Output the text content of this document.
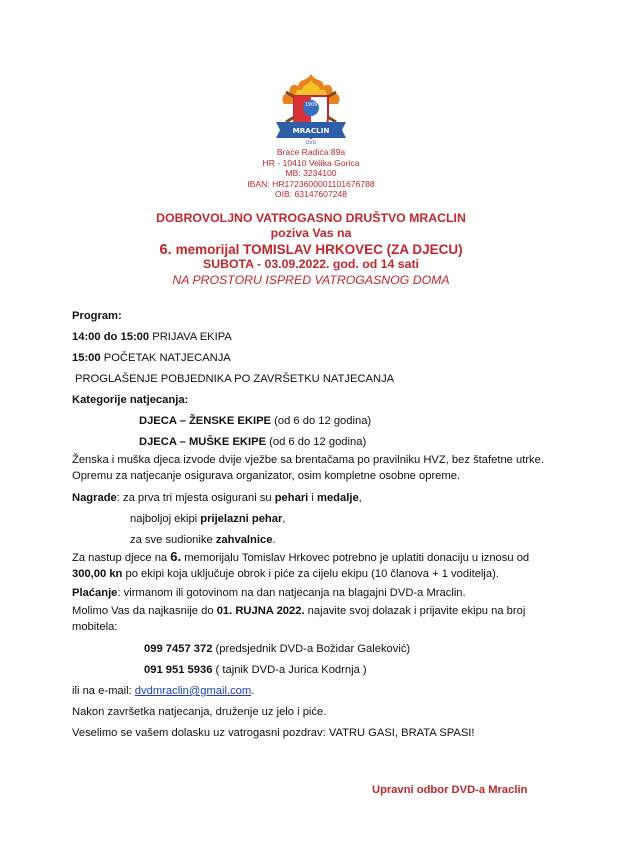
1909
MRACLIN
DVD
Braće Radića 89a
HR - 10410 Velika Gorica
MB: 3234100
IBAN: HR1723600001101676788
OIB: 63147607248
DOBROVOLJNO VATROGASNO DRUŠTVO MRACLIN
poziva Vas na
6. memorijal TOMISLAV HRKOVEC (ZA DJECU)
SUBOTA - 03.09.2022. god. od 14 sati
NA PROSTORU ISPRED VATROGASNOG DOMA
Program:
14:00 do 15:00 PRIJAVA EKIPA
15:00 POČETAK NATJECANJA
PROGLAŠENJE POBJEDNIKA PO ZAVRŠETKU NATJECANJA
Kategorije natjecanja:
DJECA – ŽENSKE EKIPE (od 6 do 12 godina)
DJECA – MUŠKE EKIPE (od 6 do 12 godina)
Ženska i muška djeca izvode dvije vježbe sa brentačama po pravilniku HVZ, bez štafetne utrke. Opremu za natjecanje osigurava organizator, osim kompletne osobne opreme.
Nagrade: za prva tri mjesta osigurani su pehari i medalje,
najboljoj ekipi prijelazni pehar,
za sve sudionike zahvalnice.
Za nastup djece na 6. memorijalu Tomislav Hrkovec potrebno je uplatiti donaciju u iznosu od 300,00 kn po ekipi koja uključuje obrok i piće za cijelu ekipu (10 članova + 1 voditelja).
Plaćanje: virmanom ili gotovinom na dan natjecanja na blagajni DVD-a Mraclin.
Molimo Vas da najkasnije do 01. RUJNA 2022. najavite svoj dolazak i prijavite ekipu na broj mobitela:
099 7457 372 (predsjednik DVD-a Božidar Galeković)
091 951 5936 ( tajnik DVD-a Jurica Kodrnja )
ili na e-mail: dvdmraclin@gmail.com.
Nakon završetka natjecanja, druženje uz jelo i piće.
Veselimo se vašem dolasku uz vatrogasni pozdrav: VATRU GASI, BRATA SPASI!
Upravni odbor DVD-a Mraclin
